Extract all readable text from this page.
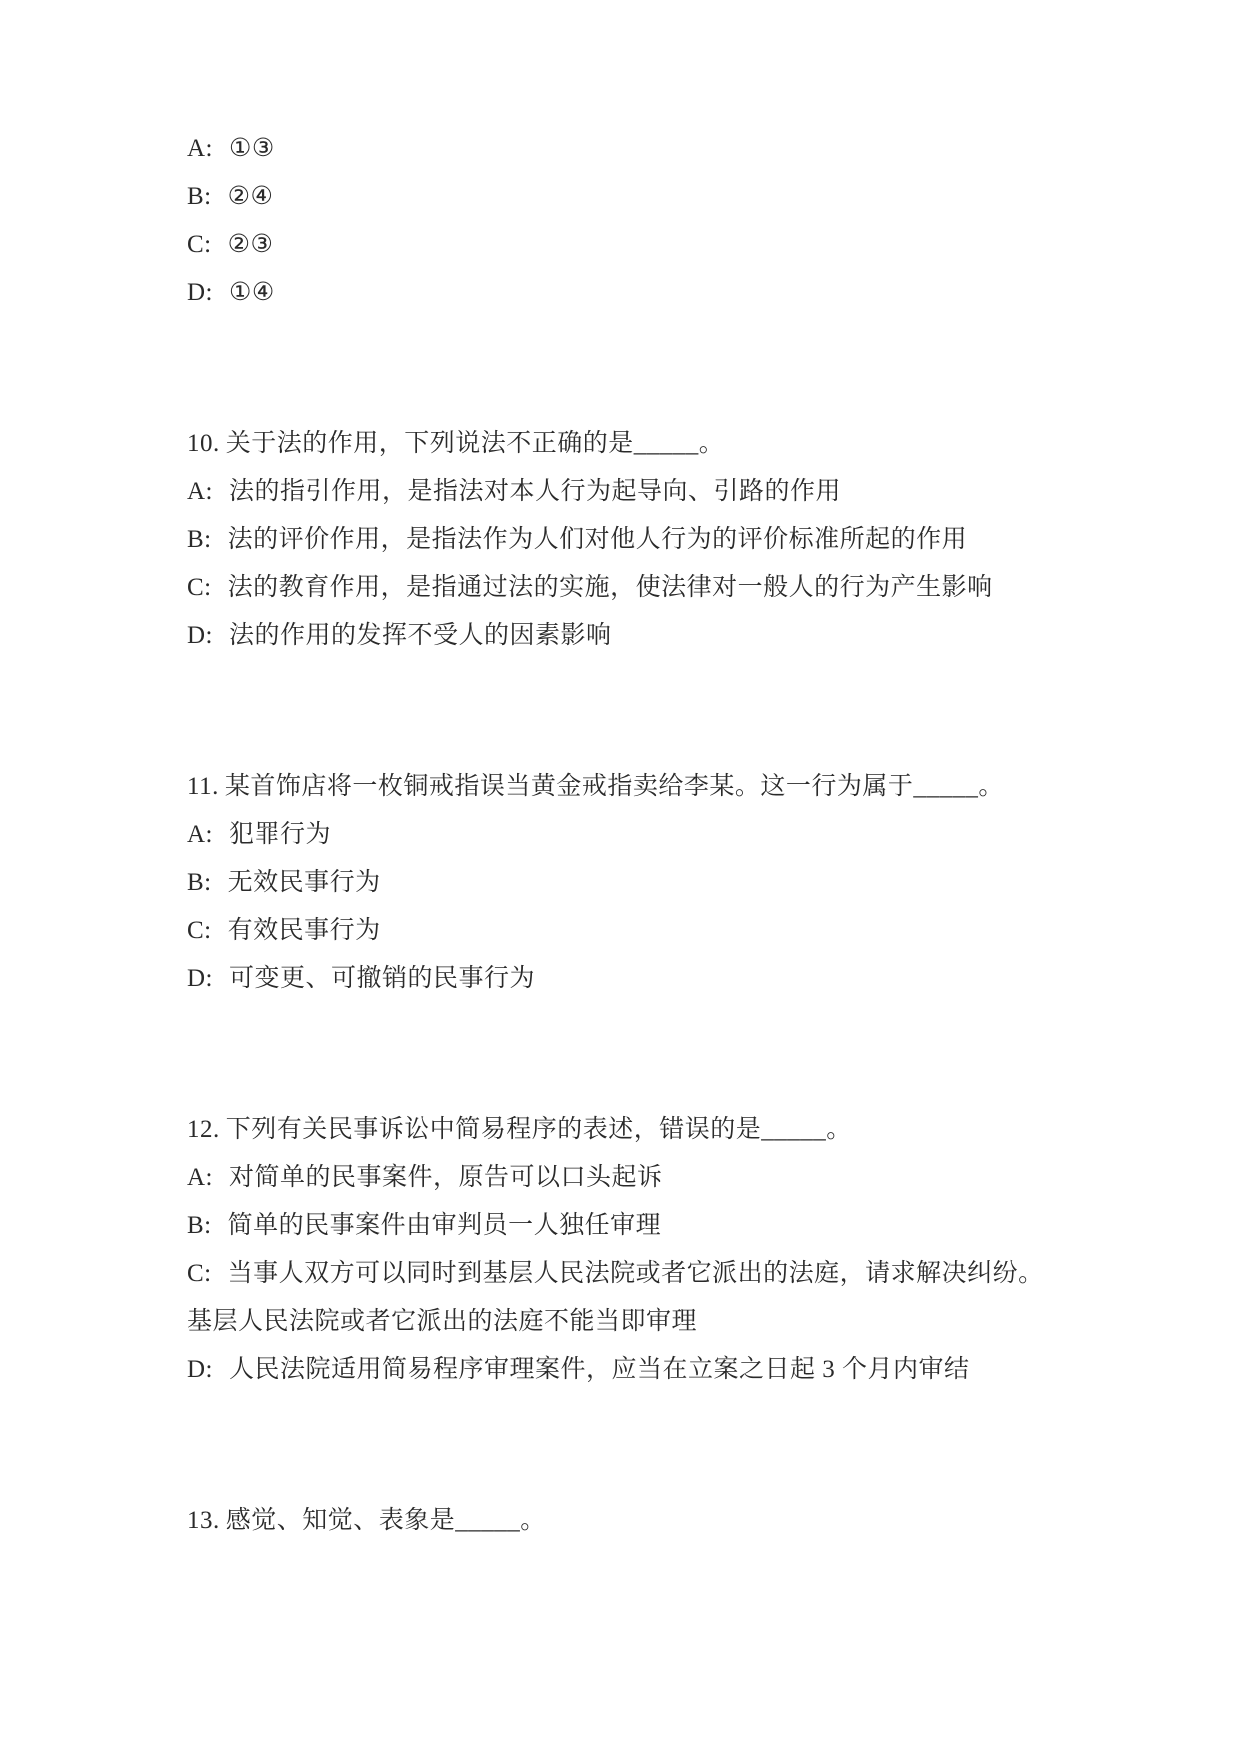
A: ①③

B: ②④

C: ②③

D: ①④

10. 关于法的作用，下列说法不正确的是_____。

A: 法的指引作用，是指法对本人行为起导向、引路的作用

B: 法的评价作用，是指法作为人们对他人行为的评价标准所起的作用

C: 法的教育作用，是指通过法的实施，使法律对一般人的行为产生影响

D: 法的作用的发挥不受人的因素影响

11. 某首饰店将一枚铜戒指误当黄金戒指卖给李某。这一行为属于_____。

A: 犯罪行为

B: 无效民事行为

C: 有效民事行为

D: 可变更、可撤销的民事行为

12. 下列有关民事诉讼中简易程序的表述，错误的是_____。

A: 对简单的民事案件，原告可以口头起诉

B: 简单的民事案件由审判员一人独任审理

C: 当事人双方可以同时到基层人民法院或者它派出的法庭，请求解决纠纷。基层人民法院或者它派出的法庭不能当即审理

D: 人民法院适用简易程序审理案件，应当在立案之日起 3 个月内审结

13. 感觉、知觉、表象是_____。
